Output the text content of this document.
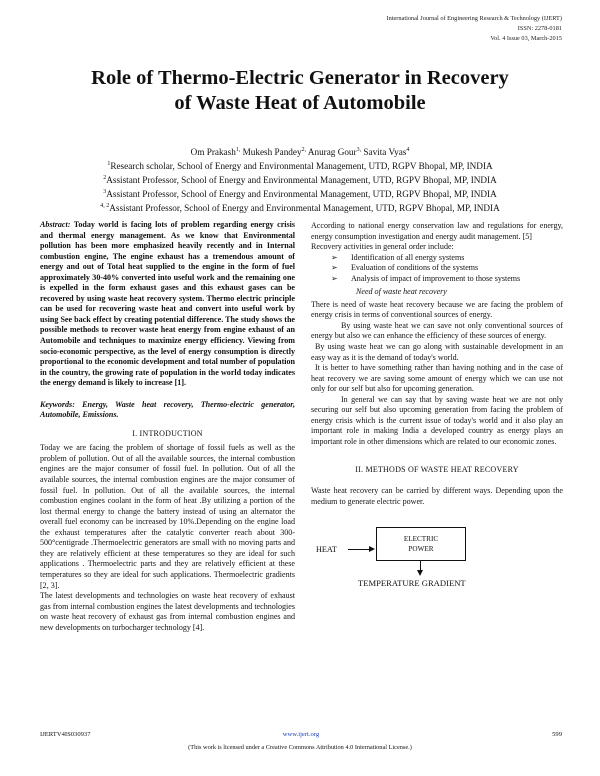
International Journal of Engineering Research & Technology (IJERT)
ISSN: 2278-0181
Vol. 4 Issue 03, March-2015
Role of Thermo-Electric Generator in Recovery
of Waste Heat of Automobile
Om Prakash$^{1,}$ Mukesh Pandey$^{2,}$ Anurag Gour$^{3,}$ Savita Vyas$^4$
$^1$Research scholar, School of Energy and Environmental Management, UTD, RGPV Bhopal, MP, INDIA
$^2$Assistant Professor, School of Energy and Environmental Management, UTD, RGPV Bhopal, MP, INDIA
$^3$Assistant Professor, School of Energy and Environmental Management, UTD, RGPV Bhopal, MP, INDIA
$^{4, 2}$Assistant Professor, School of Energy and Environmental Management, UTD, RGPV Bhopal, MP, INDIA

Abstract: Today world is facing lots of problem regarding energy crisis and thermal energy management. As we know that Environmental pollution has been more emphasized heavily recently and in Internal combustion engine, The engine exhaust has a tremendous amount of energy and out of Total heat supplied to the engine in the form of fuel approximately 30-40% converted into useful work and the remaining one is expelled in the form exhaust gases and this exhaust gases can be recovered by using waste heat recovery system. Thermo electric principle can be used for recovering waste heat and convert into useful work by using See back effect by creating potential difference. The study shows the possible methods to recover waste heat energy from engine exhaust of an Automobile and techniques to maximize energy efficiency. Viewing from socio-economic perspective, as the level of energy consumption is directly proportional to the economic development and total number of population in the country, the growing rate of population in the world today indicates the energy demand is likely to increase [1].

Keywords: Energy, Waste heat recovery, Thermo-electric generator, Automobile, Emissions.

I. INTRODUCTION

Today we are facing the problem of shortage of fossil fuels as well as the problem of pollution. Out of all the available sources, the internal combustion engines are the major consumer of fossil fuel. In pollution. Out of all the available sources, the internal combustion engines are the major consumer of fossil fuel. In pollution. Out of all the available sources, the internal combustion engines coolant in the form of heat .By utilizing a portion of the lost thermal energy to change the battery instead of using an alternator the overall fuel economy can be increased by 10%.Depending on the engine load the exhaust temperatures after the catalytic converter reach about 300-500°centigrade .Thermoelectric generators are small with no moving parts and they are relatively efficient at these temperatures so they are ideal for such applications . Thermoelectric parts and they are relatively efficient at these temperatures so they are ideal for such applications. Thermoelectric gradients [2, 3].

The latest developments and technologies on waste heat recovery of exhaust gas from internal combustion engines the latest developments and technologies on waste heat recovery of exhaust gas from internal combustion engines and new developments on turbocharger technology [4].

According to national energy conservation law and regulations for energy, energy consumption investigation and energy audit management. [5]

Recovery activities in general order include:

➢ Identification of all energy systems
➢ Evaluation of conditions of the systems
➢ Analysis of impact of improvement to those systems

Need of waste heat recovery

There is need of waste heat recovery because we are facing the problem of energy crisis in terms of conventional sources of energy.

By using waste heat we can save not only conventional sources of energy but also we can enhance the efficiency of these sources of energy.

By using waste heat we can go along with sustainable development in an easy way as it is the demand of today's world.

It is better to have something rather than having nothing and in the case of heat recovery we are saving some amount of energy which we can use not only for our self but also for upcoming generation.

In general we can say that by saving waste heat we are not only securing our self but also upcoming generation from facing the problem of energy crisis which is the current issue of today's world and it also play an important role in making India a developed country as energy plays an important role in other dimensions which are related to our economic zones.

II. METHODS OF WASTE HEAT RECOVERY

Waste heat recovery can be carried by different ways. Depending upon the medium to generate electric power.

HEAT
ELECTRIC
POWER
TEMPERATURE GRADIENT
IJERTV4IS030937	www.ijert.org	599
(This work is licensed under a Creative Commons Attribution 4.0 International License.)
